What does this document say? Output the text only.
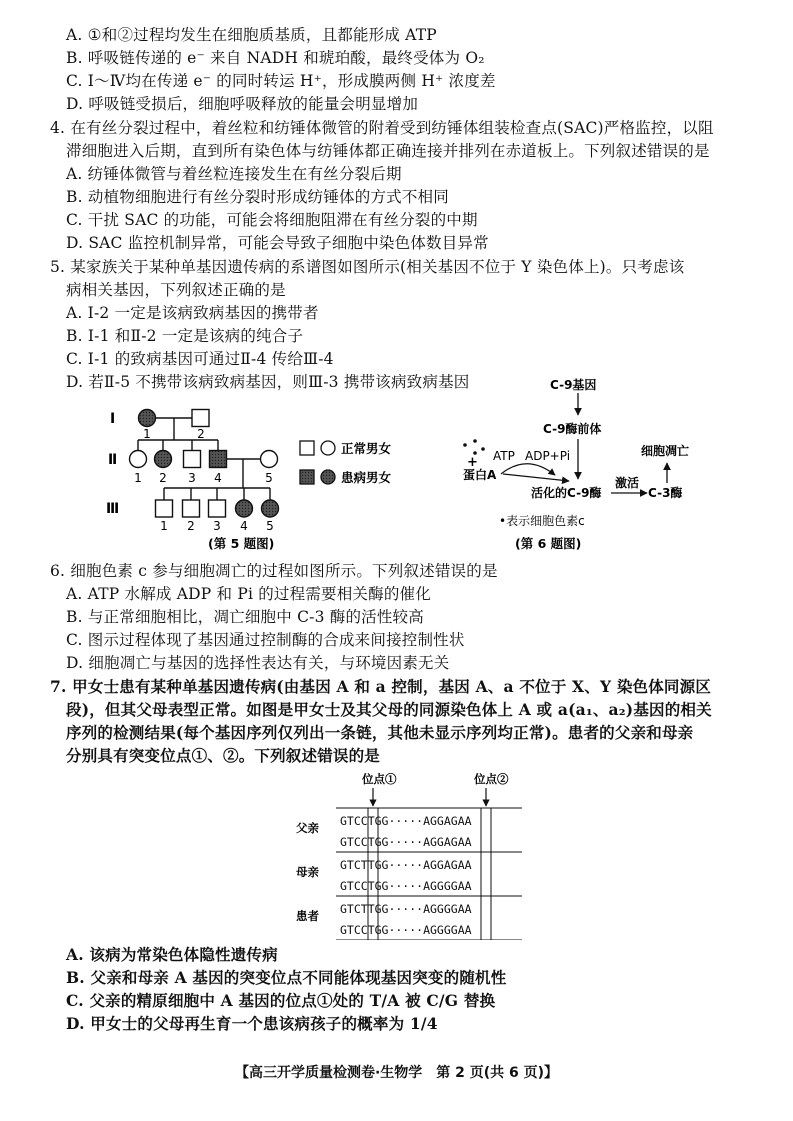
A. ①和②过程均发生在细胞质基质，且都能形成 ATP
B. 呼吸链传递的 e⁻ 来自 NADH 和琥珀酸，最终受体为 O₂
C. Ⅰ～Ⅳ均在传递 e⁻ 的同时转运 H⁺，形成膜两侧 H⁺ 浓度差
D. 呼吸链受损后，细胞呼吸释放的能量会明显增加
4. 在有丝分裂过程中，着丝粒和纺锤体微管的附着受到纺锤体组装检查点(SAC)严格监控，以阻
滞细胞进入后期，直到所有染色体与纺锤体都正确连接并排列在赤道板上。下列叙述错误的是
A. 纺锤体微管与着丝粒连接发生在有丝分裂后期
B. 动植物细胞进行有丝分裂时形成纺锤体的方式不相同
C. 干扰 SAC 的功能，可能会将细胞阻滞在有丝分裂的中期
D. SAC 监控机制异常，可能会导致子细胞中染色体数目异常
5. 某家族关于某种单基因遗传病的系谱图如图所示(相关基因不位于 Y 染色体上)。只考虑该
病相关基因，下列叙述正确的是
A. Ⅰ-2 一定是该病致病基因的携带者
B. Ⅰ-1 和Ⅱ-2 一定是该病的纯合子
C. Ⅰ-1 的致病基因可通过Ⅱ-4 传给Ⅲ-4
D. 若Ⅱ-5 不携带该病致病基因，则Ⅲ-3 携带该病致病基因
Ⅰ
Ⅱ
Ⅲ
1	2
1 2 3 4	5
1 2 3 4 5
正常男女
患病男女
(第 5 题图)
C-9基因
C-9酶前体
+
蛋白A
ATP ADP+Pi
活化的C-9酶
激活
C-3酶
细胞凋亡
•表示细胞色素c
(第 6 题图)
6. 细胞色素 c 参与细胞凋亡的过程如图所示。下列叙述错误的是
A. ATP 水解成 ADP 和 Pi 的过程需要相关酶的催化
B. 与正常细胞相比，凋亡细胞中 C-3 酶的活性较高
C. 图示过程体现了基因通过控制酶的合成来间接控制性状
D. 细胞凋亡与基因的选择性表达有关，与环境因素无关
7. 甲女士患有某种单基因遗传病(由基因 A 和 a 控制，基因 A、a 不位于 X、Y 染色体同源区
段)，但其父母表型正常。如图是甲女士及其父母的同源染色体上 A 或 a(a₁、a₂)基因的相关
序列的检测结果(每个基因序列仅列出一条链，其他未显示序列均正常)。患者的父亲和母亲
分别具有突变位点①、②。下列叙述错误的是
位点①	位点②
父亲
母亲
患者
GTCCTGG·····AGGAGAA
GTCCTGG·····AGGAGAA
GTCTTGG·····AGGAGAA
GTCCTGG·····AGGGGAA
GTCTTGG·····AGGGGAA
GTCCTGG·····AGGGGAA
A. 该病为常染色体隐性遗传病
B. 父亲和母亲 A 基因的突变位点不同能体现基因突变的随机性
C. 父亲的精原细胞中 A 基因的位点①处的 T/A 被 C/G 替换
D. 甲女士的父母再生育一个患该病孩子的概率为 1/4
【高三开学质量检测卷·生物学　第 2 页(共 6 页)】
